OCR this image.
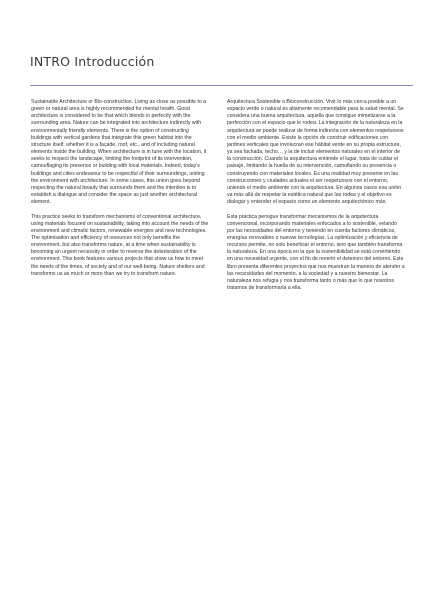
INTRO Introducción

Sustainable Architecture or Bio-construction. Living as close as possible to a green or natural area is highly recommended for mental health. Good architecture is considered to be that which blends in perfectly with the surrounding area. Nature can be integrated into architecture indirectly with environmentally friendly elements. There is the option of constructing buildings with vertical gardens that integrate this green habitat into the structure itself, whether it is a façade, roof, etc., and of including natural elements inside the building. When architecture is in tune with the location, it seeks to respect the landscape, limiting the footprint of its intervention, camouflaging its presence or building with local materials. Indeed, today's buildings and cities endeavour to be respectful of their surroundings, uniting the environment with architecture. In some cases, this union goes beyond respecting the natural beauty that surrounds them and the intention is to establish a dialogue and consider the space as just another architectural element.

This practice seeks to transform mechanisms of conventional architecture, using materials focused on sustainability, taking into account the needs of the environment and climatic factors, renewable energies and new technologies. The optimisation and efficiency of resources not only benefits the environment, but also transforms nature, at a time when sustainability is becoming an urgent necessity in order to reverse the deterioration of the environment. This book features various projects that show us how to meet the needs of the times, of society and of our well-being. Nature shelters and transforms us as much or more than we try to transform nature.

Arquitectura Sostenible o Bioconstrucción. Vivir lo más cerca posible a un espacio verde o natural es altamente recomendable para la salud mental. Se considera una buena arquitectura, aquella que consigue mimetizarse a la perfección con el espacio que le rodea. La integración de la naturaleza en la arquitectura se puede realizar de forma indirecta con elementos respetuosos con el medio ambiente. Existe la opción de construir edificaciones con jardines verticales que involucran ese hábitat verde en su propia estructura, ya sea fachada, techo… y la de incluir elementos naturales en el interior de la construcción. Cuando la arquitectura entiende el lugar, trata de cuidar el paisaje, limitando la huella de su intervención, camuflando su presencia o construyendo con materiales locales. Es una realidad muy presente en las construcciones y ciudades actuales el ser respetuosos con el entorno, uniendo el medio ambiente con la arquitectura. En algunos casos esa unión va más allá de respetar la estética natural que las rodea y el objetivo es dialogar y entender el espacio como un elemento arquitectónico más.

Esta práctica persigue transformar mecanismos de la arquitectura convencional, incorporando materiales enfocados a lo sostenible, velando por las necesidades del entorno y teniendo en cuenta factores climáticos, energías renovables o nuevas tecnologías. La optimización y eficiencia de recursos permite, no solo beneficiar el entorno, sino que también transforma la naturaleza. En una época en la que la sostenibilidad se está convirtiendo en una necesidad urgente, con el fin de revertir el deterioro del entorno. Este libro presenta diferentes proyectos que nos muestran la manera de atender a las necesidades del momento, a la sociedad y a nuestro bienestar. La naturaleza nos refugia y nos transforma tanto o más que lo que nosotros tratamos de transformarla a ella.
